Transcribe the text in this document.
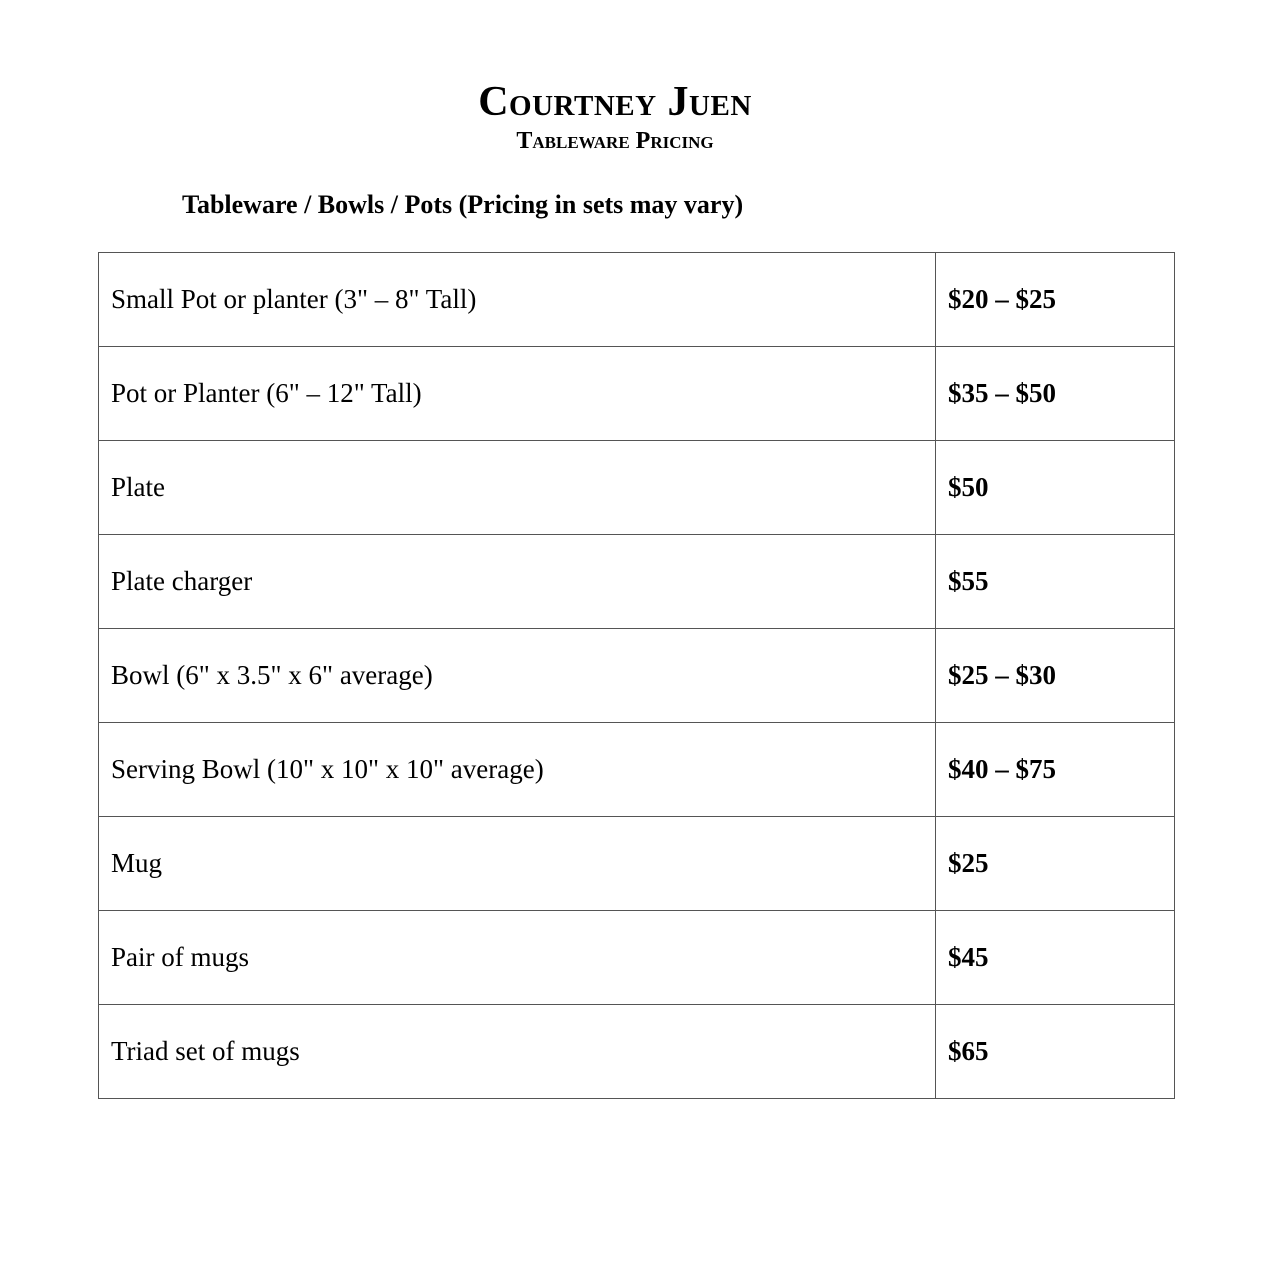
Courtney Juen
Tableware Pricing
Tableware / Bowls / Pots (Pricing in sets may vary)
Small Pot or planter (3" – 8" Tall)	$20 – $25
Pot or Planter (6" – 12" Tall)	$35 – $50
Plate	$50
Plate charger	$55
Bowl (6" x 3.5" x 6" average)	$25 – $30
Serving Bowl (10" x 10" x 10" average)	$40 – $75
Mug	$25
Pair of mugs	$45
Triad set of mugs	$65
